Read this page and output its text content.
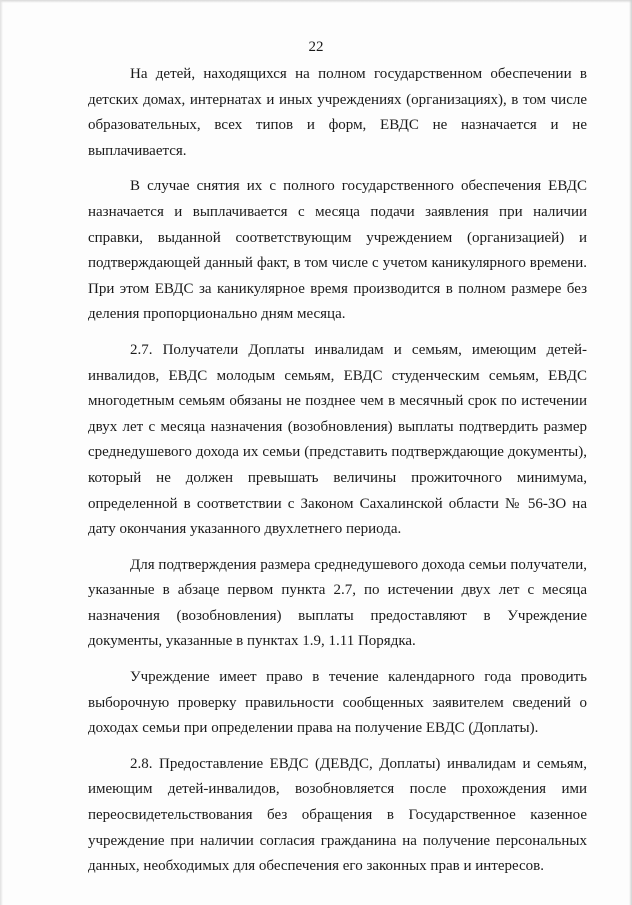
22

На детей, находящихся на полном государственном обеспечении в детских домах, интернатах и иных учреждениях (организациях), в том числе образовательных, всех типов и форм, ЕВДС не назначается и не выплачивается.

В случае снятия их с полного государственного обеспечения ЕВДС назначается и выплачивается с месяца подачи заявления при наличии справки, выданной соответствующим учреждением (организацией) и подтверждающей данный факт, в том числе с учетом каникулярного времени. При этом ЕВДС за каникулярное время производится в полном размере без деления пропорционально дням месяца.

2.7. Получатели Доплаты инвалидам и семьям, имеющим детей-инвалидов, ЕВДС молодым семьям, ЕВДС студенческим семьям, ЕВДС многодетным семьям обязаны не позднее чем в месячный срок по истечении двух лет с месяца назначения (возобновления) выплаты подтвердить размер среднедушевого дохода их семьи (представить подтверждающие документы), который не должен превышать величины прожиточного минимума, определенной в соответствии с Законом Сахалинской области № 56-ЗО на дату окончания указанного двухлетнего периода.

Для подтверждения размера среднедушевого дохода семьи получатели, указанные в абзаце первом пункта 2.7, по истечении двух лет с месяца назначения (возобновления) выплаты предоставляют в Учреждение документы, указанные в пунктах 1.9, 1.11 Порядка.

Учреждение имеет право в течение календарного года проводить выборочную проверку правильности сообщенных заявителем сведений о доходах семьи при определении права на получение ЕВДС (Доплаты).

2.8. Предоставление ЕВДС (ДЕВДС, Доплаты) инвалидам и семьям, имеющим детей-инвалидов, возобновляется после прохождения ими переосвидетельствования без обращения в Государственное казенное учреждение при наличии согласия гражданина на получение персональных данных, необходимых для обеспечения его законных прав и интересов.
